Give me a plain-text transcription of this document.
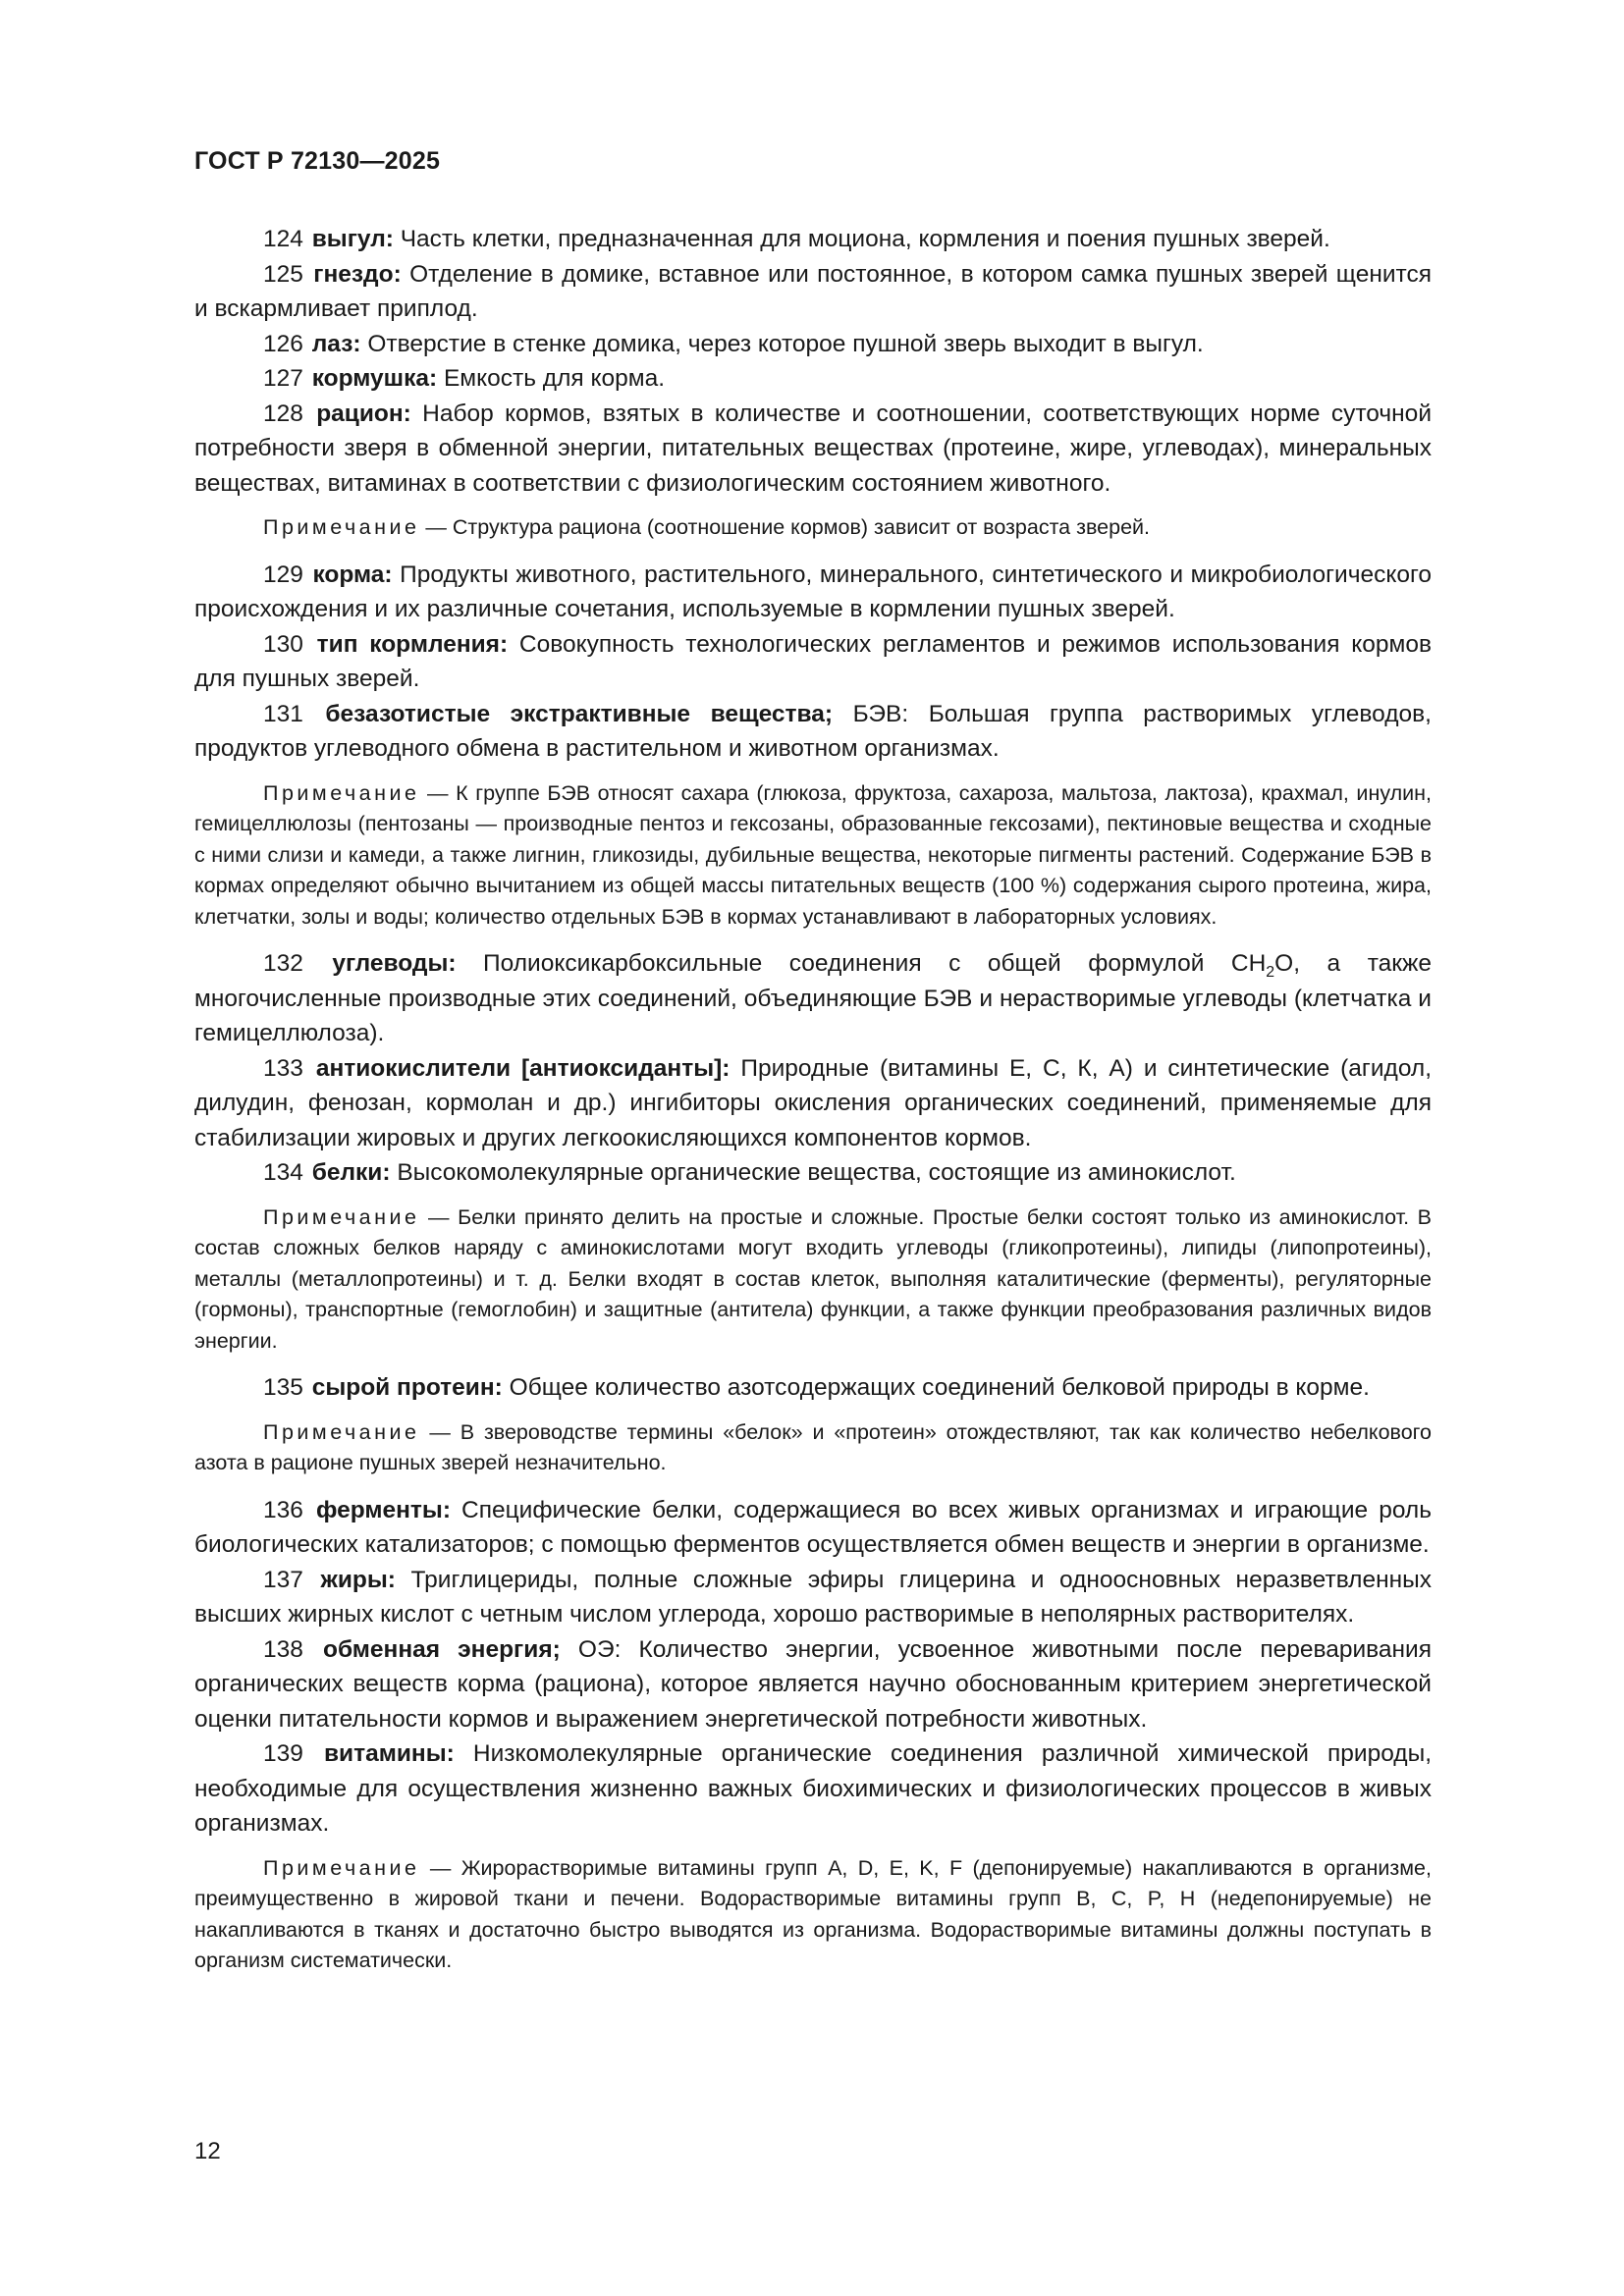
ГОСТ Р 72130—2025

124 выгул: Часть клетки, предназначенная для моциона, кормления и поения пушных зверей.

125 гнездо: Отделение в домике, вставное или постоянное, в котором самка пушных зверей щенится и вскармливает приплод.

126 лаз: Отверстие в стенке домика, через которое пушной зверь выходит в выгул.

127 кормушка: Емкость для корма.

128 рацион: Набор кормов, взятых в количестве и соотношении, соответствующих норме суточной потребности зверя в обменной энергии, питательных веществах (протеине, жире, углеводах), минеральных веществах, витаминах в соответствии с физиологическим состоянием животного.

Примечание — Структура рациона (соотношение кормов) зависит от возраста зверей.

129 корма: Продукты животного, растительного, минерального, синтетического и микробиологического происхождения и их различные сочетания, используемые в кормлении пушных зверей.

130 тип кормления: Совокупность технологических регламентов и режимов использования кормов для пушных зверей.

131 безазотистые экстрактивные вещества; БЭВ: Большая группа растворимых углеводов, продуктов углеводного обмена в растительном и животном организмах.

Примечание — К группе БЭВ относят сахара (глюкоза, фруктоза, сахароза, мальтоза, лактоза), крахмал, инулин, гемицеллюлозы (пентозаны — производные пентоз и гексозаны, образованные гексозами), пектиновые вещества и сходные с ними слизи и камеди, а также лигнин, гликозиды, дубильные вещества, некоторые пигменты растений. Содержание БЭВ в кормах определяют обычно вычитанием из общей массы питательных веществ (100 %) содержания сырого протеина, жира, клетчатки, золы и воды; количество отдельных БЭВ в кормах устанавливают в лабораторных условиях.

132 углеводы: Полиоксикарбоксильные соединения с общей формулой $CH_2O$, а также многочисленные производные этих соединений, объединяющие БЭВ и нерастворимые углеводы (клетчатка и гемицеллюлоза).

133 антиокислители [антиоксиданты]: Природные (витамины Е, С, К, А) и синтетические (агидол, дилудин, фенозан, кормолан и др.) ингибиторы окисления органических соединений, применяемые для стабилизации жировых и других легкоокисляющихся компонентов кормов.

134 белки: Высокомолекулярные органические вещества, состоящие из аминокислот.

Примечание — Белки принято делить на простые и сложные. Простые белки состоят только из аминокислот. В состав сложных белков наряду с аминокислотами могут входить углеводы (гликопротеины), липиды (липопротеины), металлы (металлопротеины) и т. д. Белки входят в состав клеток, выполняя каталитические (ферменты), регуляторные (гормоны), транспортные (гемоглобин) и защитные (антитела) функции, а также функции преобразования различных видов энергии.

135 сырой протеин: Общее количество азотсодержащих соединений белковой природы в корме.

Примечание — В звероводстве термины «белок» и «протеин» отождествляют, так как количество небелкового азота в рационе пушных зверей незначительно.

136 ферменты: Специфические белки, содержащиеся во всех живых организмах и играющие роль биологических катализаторов; с помощью ферментов осуществляется обмен веществ и энергии в организме.

137 жиры: Триглицериды, полные сложные эфиры глицерина и одноосновных неразветвленных высших жирных кислот с четным числом углерода, хорошо растворимые в неполярных растворителях.

138 обменная энергия; ОЭ: Количество энергии, усвоенное животными после переваривания органических веществ корма (рациона), которое является научно обоснованным критерием энергетической оценки питательности кормов и выражением энергетической потребности животных.

139 витамины: Низкомолекулярные органические соединения различной химической природы, необходимые для осуществления жизненно важных биохимических и физиологических процессов в живых организмах.

Примечание — Жирорастворимые витамины групп A, D, E, K, F (депонируемые) накапливаются в организме, преимущественно в жировой ткани и печени. Водорастворимые витамины групп B, C, P, H (недепонируемые) не накапливаются в тканях и достаточно быстро выводятся из организма. Водорастворимые витамины должны поступать в организм систематически.

12
